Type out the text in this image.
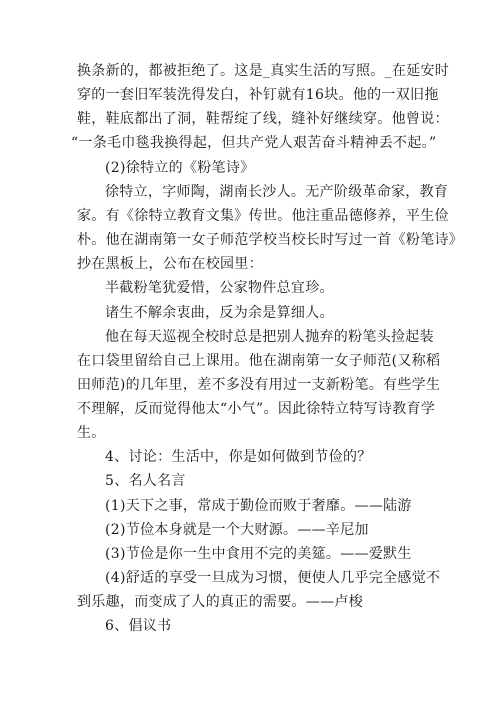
换条新的，都被拒绝了。这是_真实生活的写照。_在延安时
穿的一套旧军装洗得发白，补钉就有16块。他的一双旧拖
鞋，鞋底都出了洞，鞋帮绽了线，缝补好继续穿。他曾说：
“一条毛巾毯我换得起，但共产党人艰苦奋斗精神丢不起。”
(2)徐特立的《粉笔诗》
徐特立，字师陶，湖南长沙人。无产阶级革命家，教育
家。有《徐特立教育文集》传世。他注重品德修养，平生俭
朴。他在湖南第一女子师范学校当校长时写过一首《粉笔诗》
抄在黑板上，公布在校园里：
半截粉笔犹爱惜，公家物件总宜珍。
诸生不解余衷曲，反为余是算细人。
他在每天巡视全校时总是把别人抛弃的粉笔头捡起装
在口袋里留给自己上课用。他在湖南第一女子师范(又称稻
田师范)的几年里，差不多没有用过一支新粉笔。有些学生
不理解，反而觉得他太“小气”。因此徐特立特写诗教育学
生。
4、讨论：生活中，你是如何做到节俭的？
5、名人名言
(1)天下之事，常成于勤俭而败于奢靡。——陆游
(2)节俭本身就是一个大财源。——辛尼加
(3)节俭是你一生中食用不完的美筵。——爱默生
(4)舒适的享受一旦成为习惯，便使人几乎完全感觉不
到乐趣，而变成了人的真正的需要。——卢梭
6、倡议书
